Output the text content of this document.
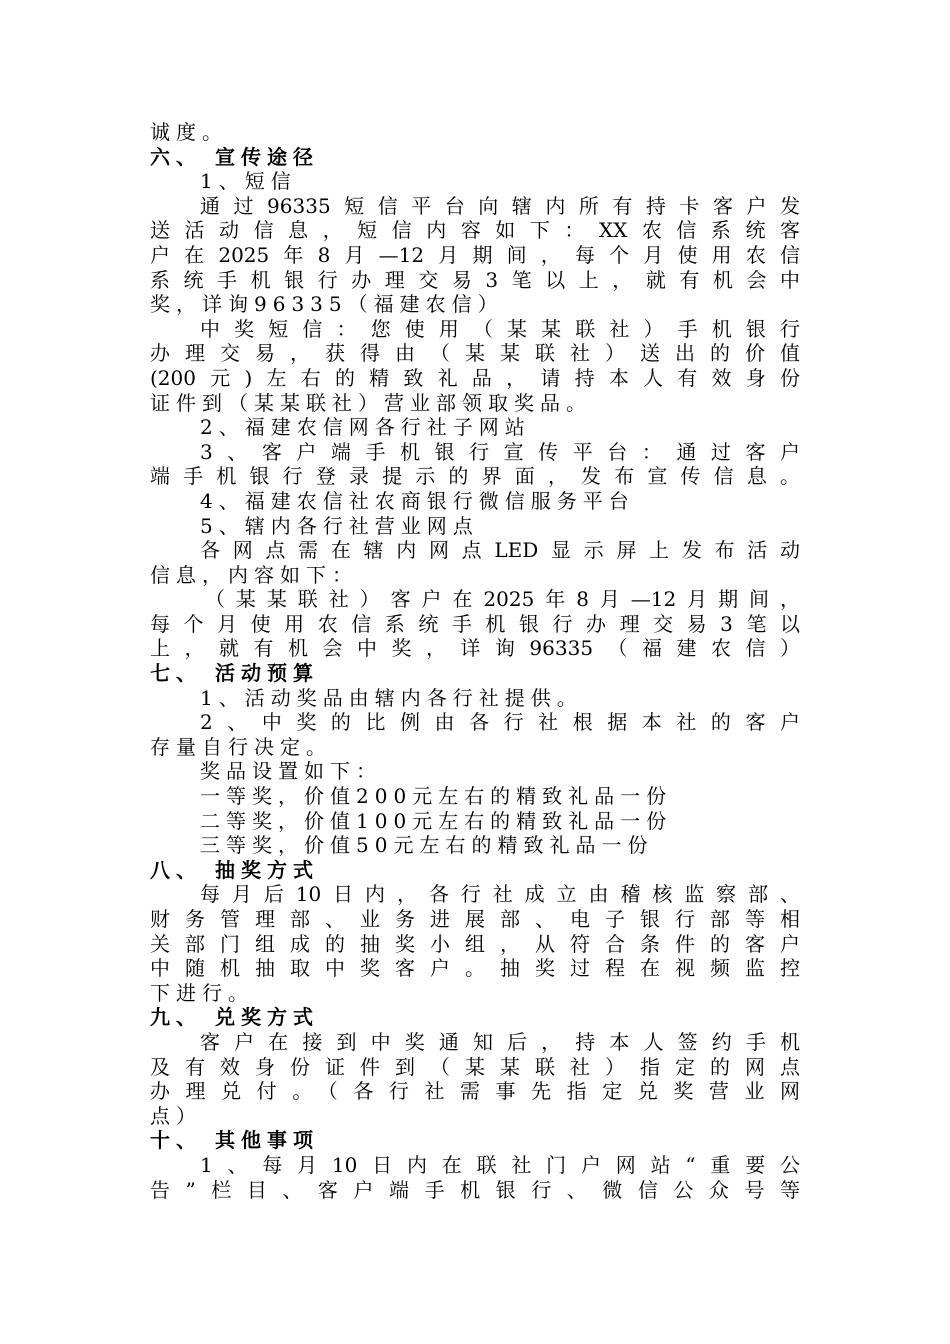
诚度。
六、 宣传途径
1、短信
通过96335短信平台向辖内所有持卡客户发
送活动信息，短信内容如下：XX农信系统客
户在2025年8月—12月期间，每个月使用农信
系统手机银行办理交易3笔以上，就有机会中
奖，详询96335（福建农信）
中奖短信：您使用（某某联社）手机银行
办理交易，获得由（某某联社）送出的价值
(200元)左右的精致礼品，请持本人有效身份
证件到（某某联社）营业部领取奖品。
2、福建农信网各行社子网站
3、客户端手机银行宣传平台：通过客户
端手机银行登录提示的界面，发布宣传信息。
4、福建农信社农商银行微信服务平台
5、辖内各行社营业网点
各网点需在辖内网点LED显示屏上发布活动
信息，内容如下：
（某某联社）客户在2025年8月—12月期间，
每个月使用农信系统手机银行办理交易3笔以
上，就有机会中奖，详询96335（福建农信）
七、 活动预算
1、活动奖品由辖内各行社提供。
2、中奖的比例由各行社根据本社的客户
存量自行决定。
奖品设置如下：
一等奖，价值200元左右的精致礼品一份
二等奖，价值100元左右的精致礼品一份
三等奖，价值50元左右的精致礼品一份
八、 抽奖方式
每月后10日内，各行社成立由稽核监察部、
财务管理部、业务进展部、电子银行部等相
关部门组成的抽奖小组，从符合条件的客户
中随机抽取中奖客户。抽奖过程在视频监控
下进行。
九、 兑奖方式
客户在接到中奖通知后，持本人签约手机
及有效身份证件到（某某联社）指定的网点
办理兑付。（各行社需事先指定兑奖营业网
点）
十、 其他事项
1、每月10日内在联社门户网站“重要公
告”栏目、客户端手机银行、微信公众号等
